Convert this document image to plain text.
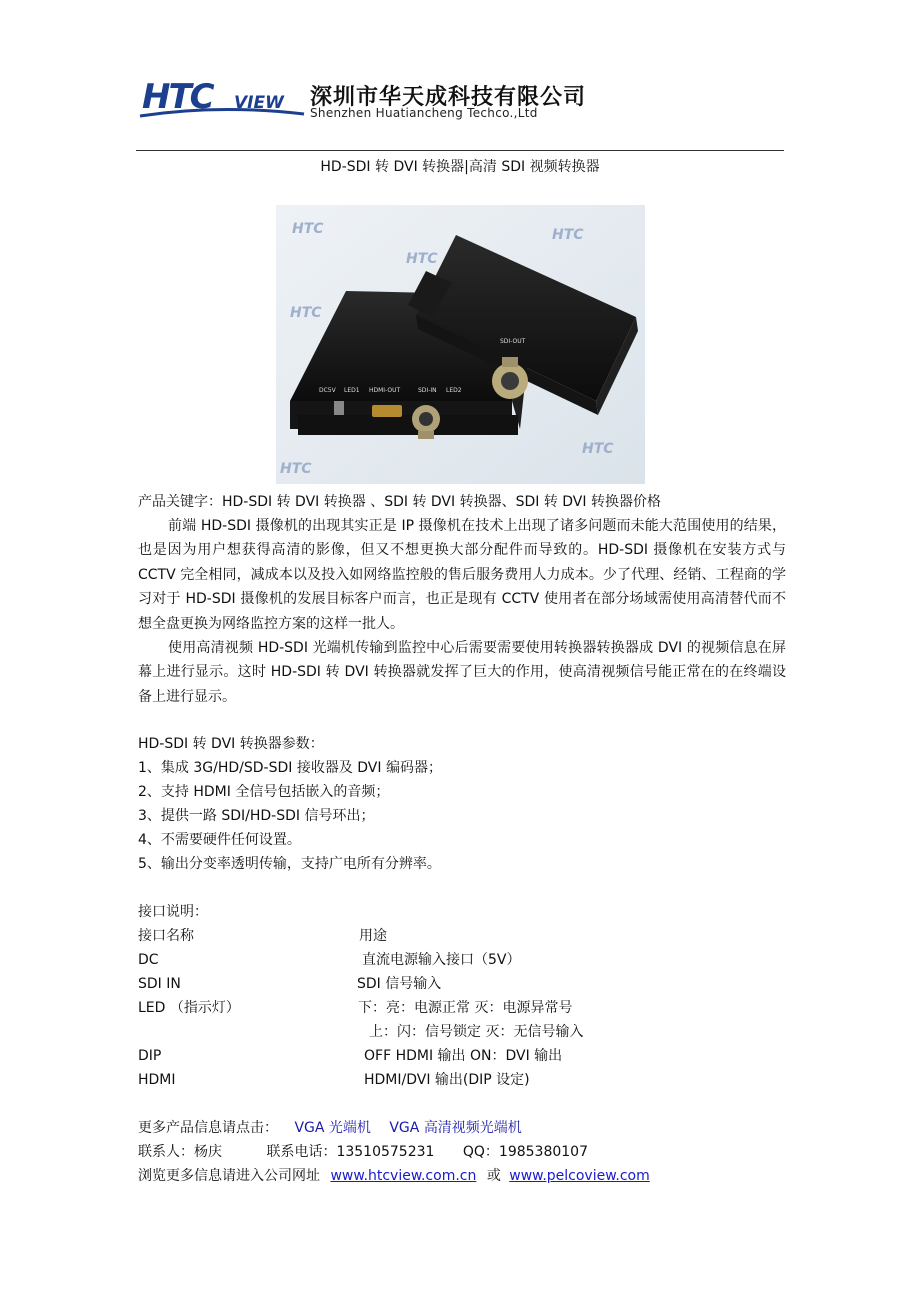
HTC VIEW 深圳市华天成科技有限公司
Shenzhen Huatiancheng Techco.,Ltd
HD-SDI 转 DVI 转换器|高清 SDI 视频转换器
HTC
HTC
HTC
HTC
HTC
HTC
DC5V LED1 HDMI-OUT	SDI-IN LED2
SDI-OUT
产品关键字：HD-SDI 转 DVI 转换器 、SDI 转 DVI 转换器、SDI 转 DVI 转换器价格
前端 HD-SDI 摄像机的出现其实正是 IP 摄像机在技术上出现了诸多问题而未能大范围使用的结果，也是因为用户想获得高清的影像，但又不想更换大部分配件而导致的。HD-SDI 摄像机在安装方式与 CCTV 完全相同，减成本以及投入如网络监控般的售后服务费用人力成本。少了代理、经销、工程商的学习对于 HD-SDI 摄像机的发展目标客户而言，也正是现有 CCTV 使用者在部分场域需使用高清替代而不想全盘更换为网络监控方案的这样一批人。
使用高清视频 HD-SDI 光端机传输到监控中心后需要需要使用转换器转换器成 DVI 的视频信息在屏幕上进行显示。这时 HD-SDI 转 DVI 转换器就发挥了巨大的作用，使高清视频信号能正常在的在终端设备上进行显示。
HD-SDI 转 DVI 转换器参数：
1、集成 3G/HD/SD-SDI 接收器及 DVI 编码器；
2、支持 HDMI 全信号包括嵌入的音频；
3、提供一路 SDI/HD-SDI 信号环出；
4、不需要硬件任何设置。
5、输出分变率透明传输，支持广电所有分辨率。
接口说明：
接口名称	用途
DC	直流电源输入接口（5V）
SDI IN	SDI 信号输入
LED （指示灯）	下：亮：电源正常 灭：电源异常号
上：闪：信号锁定 灭：无信号输入
DIP	OFF HDMI 输出 ON：DVI 输出
HDMI	HDMI/DVI 输出(DIP 设定)
更多产品信息请点击： VGA 光端机 VGA 高清视频光端机
联系人：杨庆	联系电话：13510575231 QQ：1985380107
浏览更多信息请进入公司网址 www.htcview.com.cn 或 www.pelcoview.com
